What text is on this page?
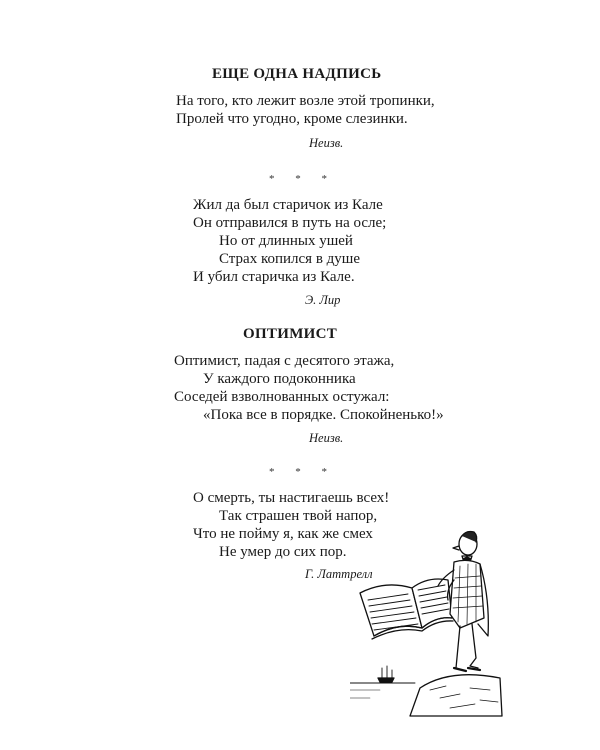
ЕЩЕ ОДНА НАДПИСЬ
На того, кто лежит возле этой тропинки,
Пролей что угодно, кроме слезинки.
Неизв.
* * *
Жил да был старичок из Кале
Он отправился в путь на осле;
Но от длинных ушей
Страх копился в душе
И убил старичка из Кале.
Э. Лир
ОПТИМИСТ
Оптимист, падая с десятого этажа,
У каждого подоконника
Соседей взволнованных остужал:
«Пока все в порядке. Спокойненько!»
Неизв.
* * *
О смерть, ты настигаешь всех!
Так страшен твой напор,
Что не пойму я, как же смех
Не умер до сих пор.
Г. Латтрелл
